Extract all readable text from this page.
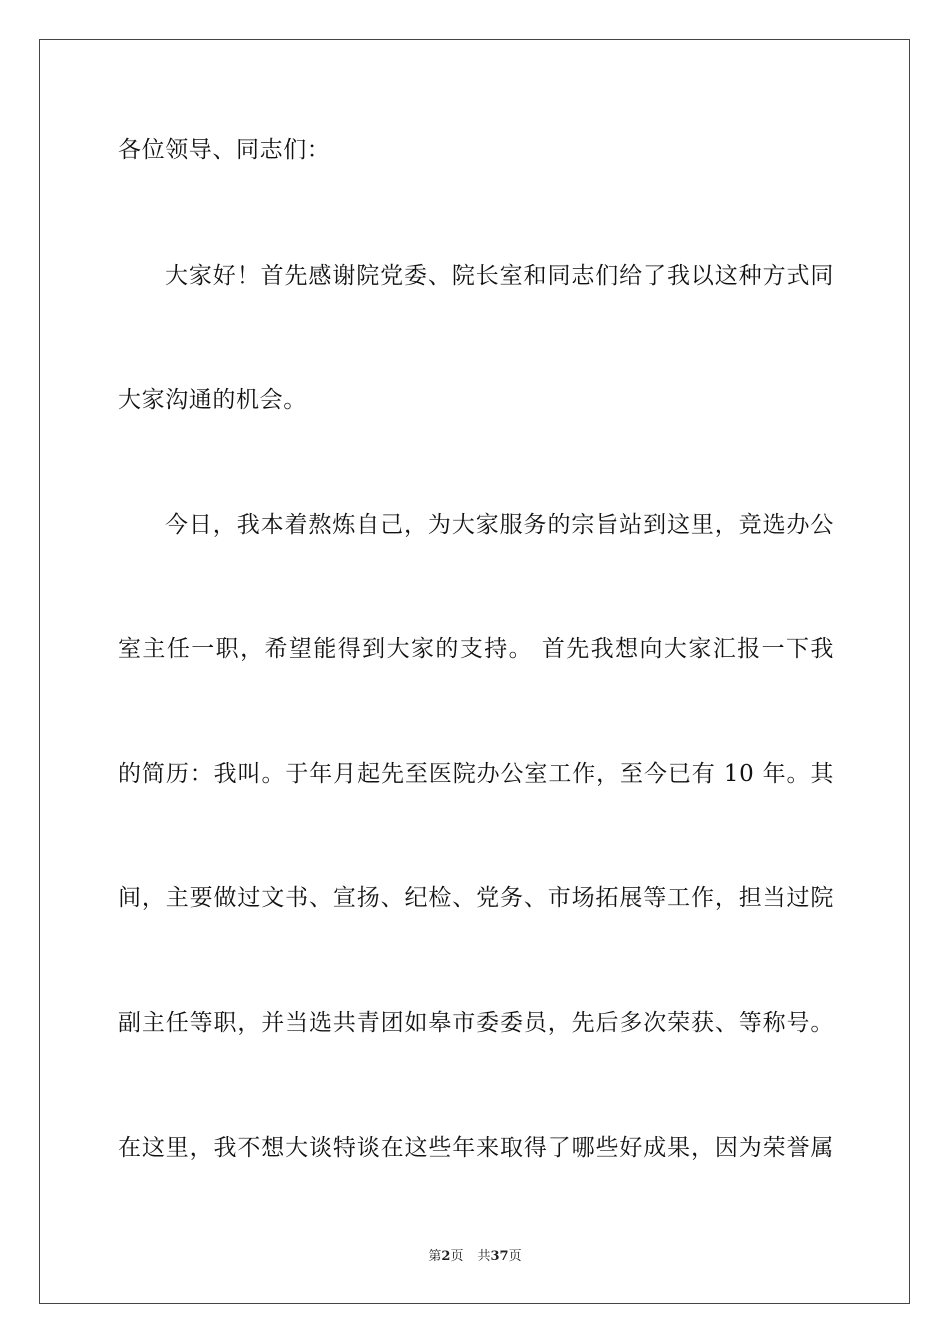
各位领导、同志们：
大家好！首先感谢院党委、院长室和同志们给了我以这种方式同
大家沟通的机会。
今日，我本着熬炼自己，为大家服务的宗旨站到这里，竞选办公
室主任一职，希望能得到大家的支持。 首先我想向大家汇报一下我
的简历：我叫。于年月起先至医院办公室工作，至今已有 10 年。其
间，主要做过文书、宣扬、纪检、党务、市场拓展等工作，担当过院
副主任等职，并当选共青团如皋市委委员，先后多次荣获、等称号。
在这里，我不想大谈特谈在这些年来取得了哪些好成果，因为荣誉属
第2页 共37页
